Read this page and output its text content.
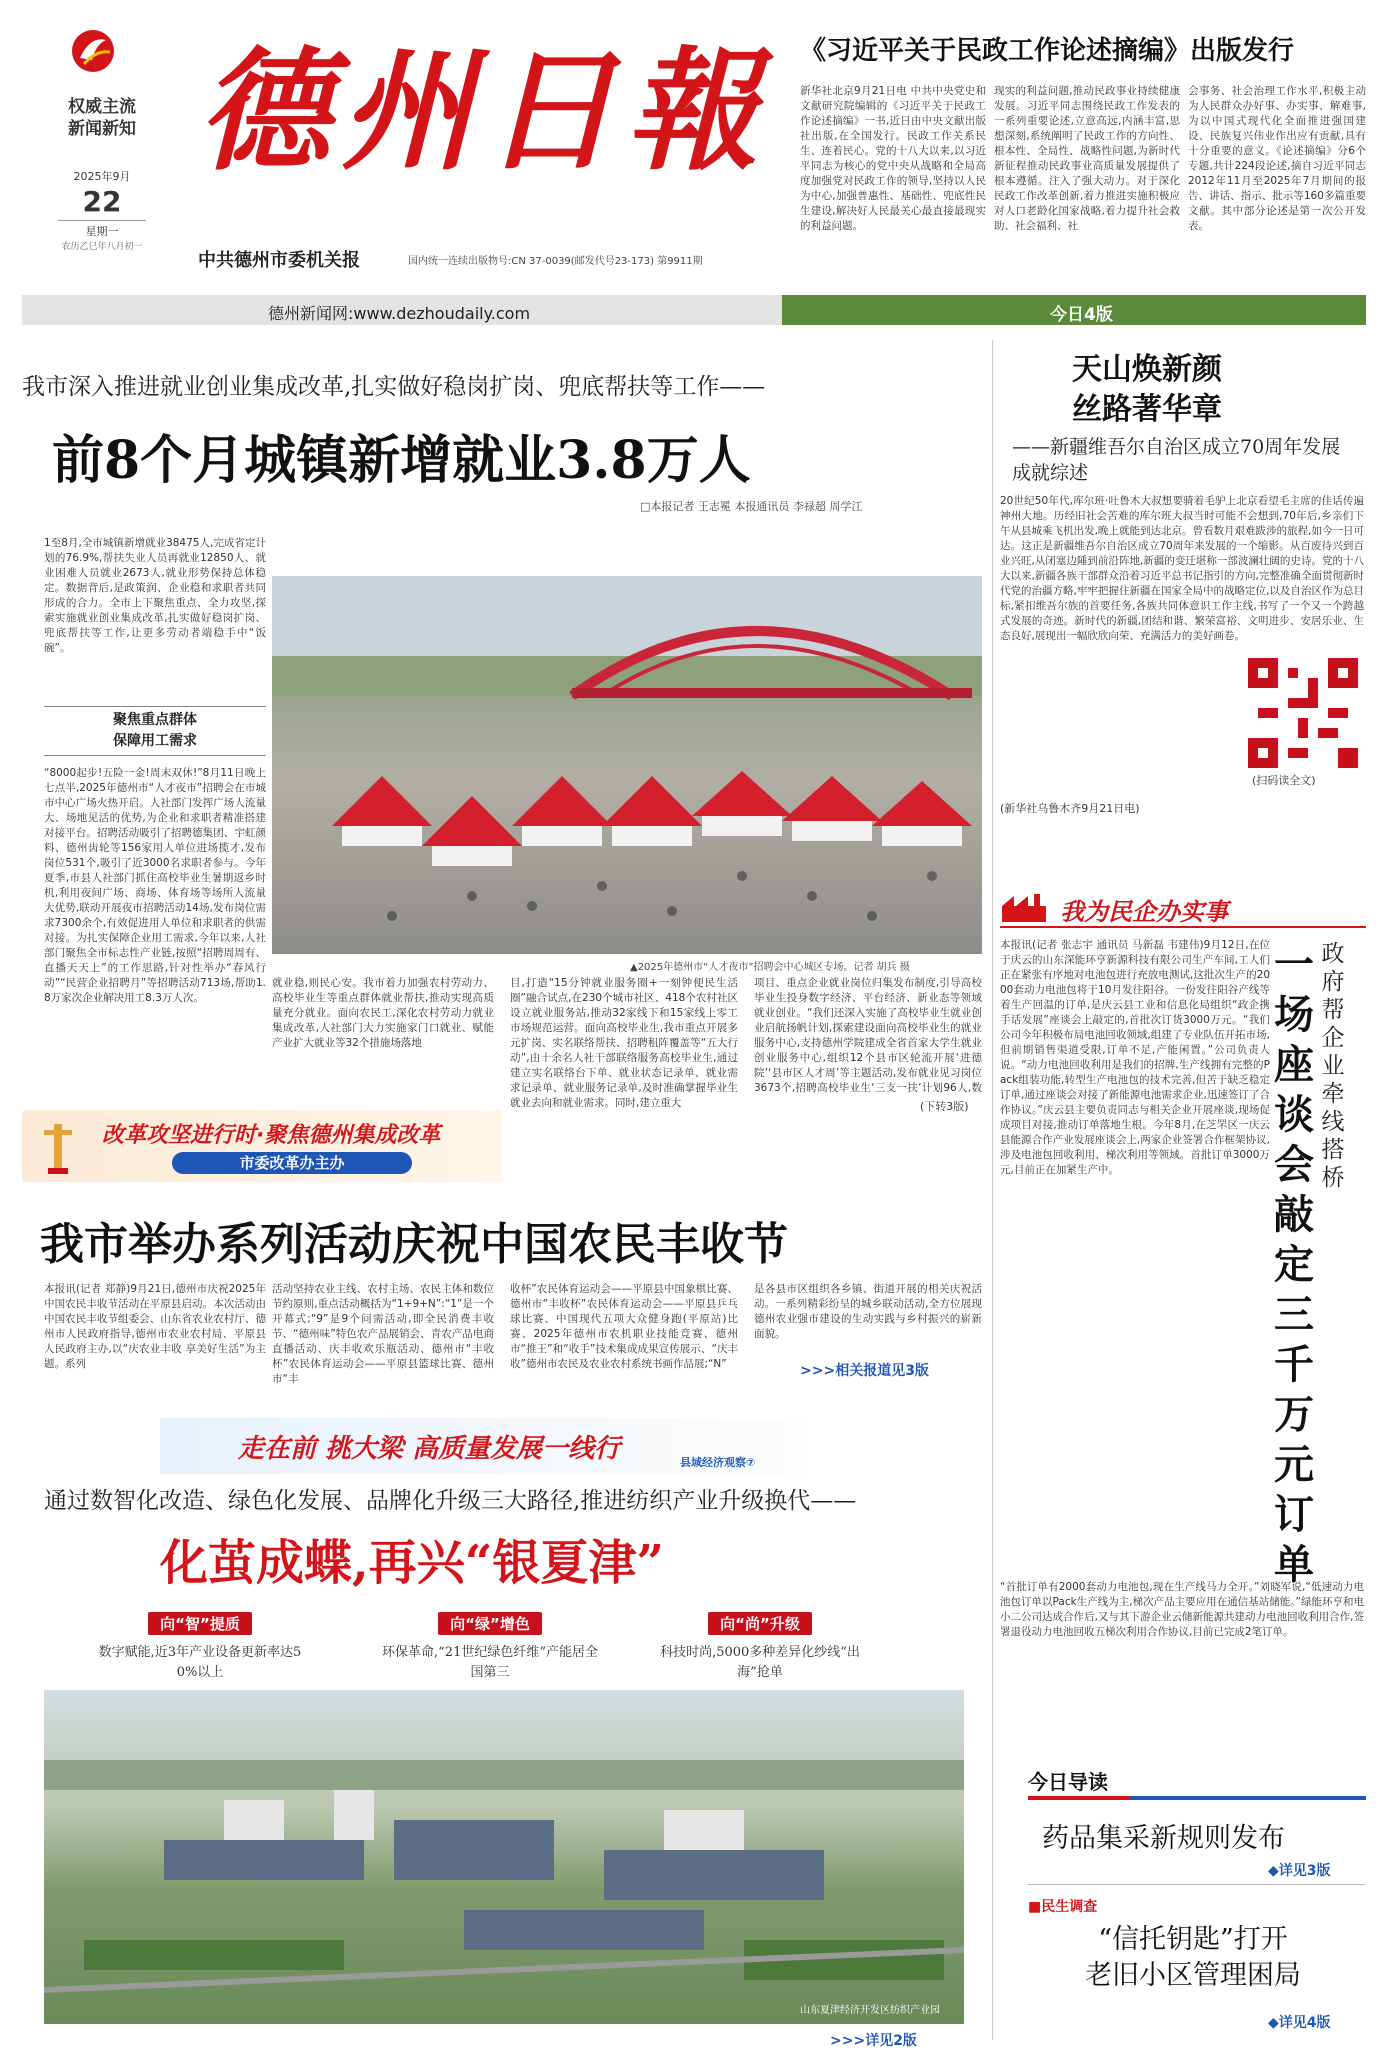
权威主流
新闻新知
2025年9月
22
星期一
农历乙巳年八月初一
德 州 日 報
中共德州市委机关报	国内统一连续出版物号:CN 37-0039(邮发代号23-173) 第9911期
德州新闻网:www.dezhoudaily.com	今日4版
《习近平关于民政工作论述摘编》出版发行
新华社北京9月21日电 中共中央党史和文献研究院编辑的《习近平关于民政工作论述摘编》一书,近日由中央文献出版社出版,在全国发行。民政工作关系民生、连着民心。党的十八大以来,以习近平同志为核心的党中央从战略和全局高度加强党对民政工作的领导,坚持以人民为中心,加强普惠性、基础性、兜底性民生建设,解决好人民最关心最直接最现实的利益问题。
现实的利益问题,推动民政事业持续健康发展。习近平同志围绕民政工作发表的一系列重要论述,立意高远,内涵丰富,思想深刻,系统阐明了民政工作的方向性、根本性、全局性、战略性问题,为新时代新征程推动民政事业高质量发展提供了根本遵循。注入了强大动力。对于深化民政工作改革创新,着力推进实施积极应对人口老龄化国家战略,着力提升社会救助、社会福利、社
会事务、社会治理工作水平,积极主动为人民群众办好事、办实事、解难事,为以中国式现代化全面推进强国建设、民族复兴伟业作出应有贡献,具有十分重要的意义。《论述摘编》分6个专题,共计224段论述,摘自习近平同志2012年11月至2025年7月期间的报告、讲话、指示、批示等160多篇重要文献。其中部分论述是第一次公开发表。
我市深入推进就业创业集成改革,扎实做好稳岗扩岗、兜底帮扶等工作——
前8个月城镇新增就业3.8万人
□本报记者 王志冕 本报通讯员 李禄超 周学江
1至8月,全市城镇新增就业38475人,完成省定计划的76.9%,帮扶失业人员再就业12850人、就业困难人员就业2673人,就业形势保持总体稳定。数据背后,是政策润、企业稳和求职者共同形成的合力。全市上下聚焦重点、全力攻坚,探索实施就业创业集成改革,扎实做好稳岗扩岗、兜底帮扶等工作,让更多劳动者端稳手中“饭碗”。
聚焦重点群体
保障用工需求
“8000起步!五险一金!周末双休!”8月11日晚上七点半,2025年德州市“人才夜市”招聘会在市城市中心广场火热开启。人社部门发挥广场人流量大、场地见活的优势,为企业和求职者精准搭建对接平台。招聘活动吸引了招聘德集团、宇虹颜料、德州齿轮等156家用人单位进场揽才,发布岗位531个,吸引了近3000名求职者参与。今年夏季,市县人社部门抓住高校毕业生暑期返乡时机,利用夜间广场、商场、体育场等场所人流量大优势,联动开展夜市招聘活动14场,发布岗位需求7300余个,有效促进用人单位和求职者的供需对接。为扎实保障企业用工需求,今年以来,人社部门聚焦全市标志性产业链,按照“招聘周周有、直播天天上”的工作思路,针对性举办“春风行动”“民营企业招聘月”等招聘活动713场,帮助1.8万家次企业解决用工8.3万人次。
▲2025年德州市“人才夜市”招聘会中心城区专场。记者 胡兵 摄
就业稳,则民心安。我市着力加强农村劳动力、高校毕业生等重点群体就业帮扶,推动实现高质量充分就业。面向农民工,深化农村劳动力就业集成改革,人社部门大力实施家门口就业、赋能产业扩大就业等32个措施场落地
目,打造“15分钟就业服务圈+一刻钟便民生活圈”融合试点,在230个城市社区、418个农村社区设立就业服务站,推动32家线下和15家线上零工市场规范运营。面向高校毕业生,我市重点开展多元扩岗、实名联络帮扶、招聘租阵覆盖等“五大行动”,由十余名人社干部联络服务高校毕业生,通过建立实名联络台下单、就业状态记录单、就业需求记录单、就业服务记录单,及时准确掌握毕业生就业去向和就业需求。同时,建立重大
项目、重点企业就业岗位归集发布制度,引导高校毕业生投身数字经济、平台经济、新业态等领域就业创业。“我们还深入实施了高校毕业生就业创业启航扬帆计划,探索建设面向高校毕业生的就业服务中心,支持德州学院建成全省首家大学生就业创业服务中心,组织12个县市区轮流开展‘进德院’‘县市区人才周’等主题活动,发布就业见习岗位3673个,招聘高校毕业生‘三支一扶’计划96人,数
(下转3版)
改革攻坚进行时·聚焦德州集成改革
市委改革办主办
我市举办系列活动庆祝中国农民丰收节
本报讯(记者 郑静)9月21日,德州市庆祝2025年中国农民丰收节活动在平原县启动。本次活动由中国农民丰收节组委会、山东省农业农村厅、德州市人民政府指导,德州市农业农村局、平原县人民政府主办,以“庆农业丰收 享美好生活”为主题。系列
活动坚持农业主线、农村主场、农民主体和数位节约原则,重点活动概括为“1+9+N”:“1”是一个开幕式;“9”是9个问需活动,即全民消费丰收节、“德州味”特色农产品展销会、青农产品电商直播活动、庆丰收欢乐瓶活动、德州市“丰收杯”农民体育运动会——平原县篮球比赛、德州市“丰
收杯”农民体育运动会——平原县中国象棋比赛、德州市“丰收杯”农民体育运动会——平原县乒乓球比赛、中国现代五项大众健身跑(平原站)比赛、2025年德州市农机职业技能竞赛、德州市“推王”和“收手”技术集成成果宣传展示、“庆丰收”德州市农民及农业农村系统书画作品展;“N”
是各县市区组织各乡镇、街道开展的相关庆祝活动。一系列精彩纷呈的城乡联动活动,全方位展现德州农业强市建设的生动实践与乡村振兴的崭新面貌。
>>>相关报道见3版
走在前 挑大梁 高质量发展一线行	县域经济观察⑦
通过数智化改造、绿色化发展、品牌化升级三大路径,推进纺织产业升级换代——
化茧成蝶,再兴“银夏津”
向“智”提质
数字赋能,近3年产业设备更新率达50%以上
向“绿”增色
环保革命,“21世纪绿色纤维”产能居全国第三
向“尚”升级
科技时尚,5000多种差异化纱线“出海”抢单
山东夏津经济开发区纺织产业园
>>>详见2版
天山焕新颜
丝路著华章
——新疆维吾尔自治区成立70周年发展成就综述
20世纪50年代,库尔班·吐鲁木大叔想要骑着毛驴上北京看望毛主席的佳话传遍神州大地。历经旧社会苦难的库尔班大叔当时可能不会想到,70年后,乡亲们下午从县城乘飞机出发,晚上就能到达北京。曾看数月艰难跋涉的旅程,如今一日可达。这正是新疆维吾尔自治区成立70周年来发展的一个缩影。从百废待兴到百业兴旺,从闭塞边陲到前沿阵地,新疆的变迁堪称一部波澜壮阔的史诗。党的十八大以来,新疆各族干部群众沿着习近平总书记指引的方向,完整准确全面贯彻新时代党的治疆方略,牢牢把握住新疆在国家全局中的战略定位,以及自治区作为总目标,紧扣维吾尔族的首要任务,各族共同体意识工作主线,书写了一个又一个跨越式发展的奇迹。新时代的新疆,团结和谐、繁荣富裕、文明进步、安居乐业、生态良好,展现出一幅欣欣向荣、充满活力的美好画卷。
(扫码读全文)
(新华社乌鲁木齐9月21日电)
我为民企办实事
本报讯(记者 张志宇 通讯员 马新磊 韦建伟)9月12日,在位于庆云的山东深能环亨新源科技有限公司生产车间,工人们正在紧张有序地对电池包进行充放电测试,这批次生产的2000套动力电池包将于10月发往阳谷。一份发往阳谷产线等着生产回温的订单,是庆云县工业和信息化局组织“政企携手话发展”座谈会上敲定的,首批次订货3000万元。“我们公司今年积极布局电池回收领域,组建了专业队伍开拓市场,但前期销售渠道受限,订单不足,产能闲置。”公司负责人说。“动力电池回收利用是我们的招牌,生产线拥有完整的Pack组装功能,转型生产电池包的技术完善,但苦于缺乏稳定订单,通过座谈会对接了新能源电池需求企业,迅速签订了合作协议。”庆云县主要负责同志与相关企业开展座谈,现场促成项目对接,推动订单落地生根。今年8月,在芝罘区一庆云县能源合作产业发展座谈会上,两家企业签署合作框架协议,涉及电池包回收利用、梯次利用等领域。首批订单3000万元,目前正在加紧生产中。
政府帮企业牵线搭桥
一场座谈会敲定三千万元订单
“首批订单有2000套动力电池包,现在生产线马力全开。”刘晓军说,“低速动力电池包订单以Pack生产线为主,梯次产品主要应用在通信基站储能。”绿能环亨和电小二公司达成合作后,又与其下游企业云储新能源共建动力电池回收利用合作,签署退役动力电池回收五梯次利用合作协议,目前已完成2笔订单。
今日导读
药品集采新规则发布
◆详见3版
■民生调查
“信托钥匙”打开
老旧小区管理困局
◆详见4版
